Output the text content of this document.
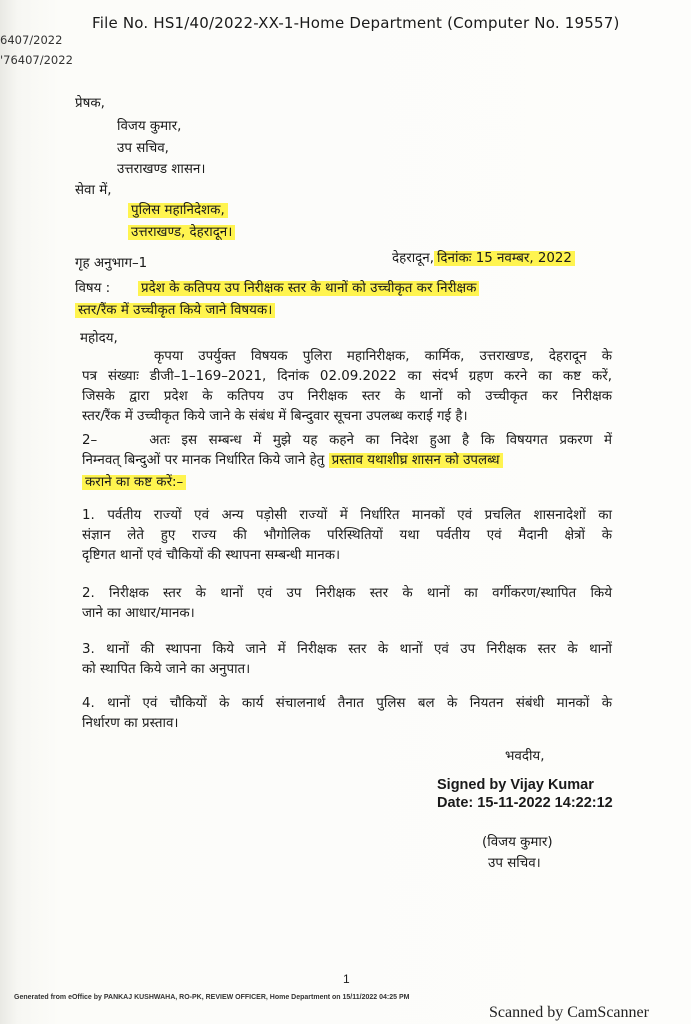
File No. HS1/40/2022-XX-1-Home Department (Computer No. 19557)
6407/2022
'76407/2022
प्रेषक,
विजय कुमार,
उप सचिव,
उत्तराखण्ड शासन।
सेवा में,
पुलिस महानिदेशक,
उत्तराखण्ड, देहरादून।
गृह अनुभाग–1	देहरादून, दिनांकः 15 नवम्बर, 2022
विषय : प्रदेश के कतिपय उप निरीक्षक स्तर के थानों को उच्चीकृत कर निरीक्षक
स्तर/रैंक में उच्चीकृत किये जाने विषयक।
महोदय,
कृपया उपर्युक्त विषयक पुलिरा महानिरीक्षक, कार्मिक, उत्तराखण्ड, देहरादून के
पत्र संख्याः डीजी–1–169–2021, दिनांक 02.09.2022 का संदर्भ ग्रहण करने का कष्ट करें,
जिसके द्वारा प्रदेश के कतिपय उप निरीक्षक स्तर के थानों को उच्चीकृत कर निरीक्षक
स्तर/रैंक में उच्चीकृत किये जाने के संबंध में बिन्दुवार सूचना उपलब्ध कराई गई है।
2–	अतः इस सम्बन्ध में मुझे यह कहने का निदेश हुआ है कि विषयगत प्रकरण में
निम्नवत् बिन्दुओं पर मानक निर्धारित किये जाने हेतु प्रस्ताव यथाशीघ्र शासन को उपलब्ध
कराने का कष्ट करें:–
1. पर्वतीय राज्यों एवं अन्य पड़ोसी राज्यों में निर्धारित मानकों एवं प्रचलित शासनादेशों का
संज्ञान लेते हुए राज्य की भौगोलिक परिस्थितियों यथा पर्वतीय एवं मैदानी क्षेत्रों के
दृष्टिगत थानों एवं चौकियों की स्थापना सम्बन्धी मानक।
2. निरीक्षक स्तर के थानों एवं उप निरीक्षक स्तर के थानों का वर्गीकरण/स्थापित किये
जाने का आधार/मानक।
3. थानों की स्थापना किये जाने में निरीक्षक स्तर के थानों एवं उप निरीक्षक स्तर के थानों
को स्थापित किये जाने का अनुपात।
4. थानों एवं चौकियों के कार्य संचालनार्थ तैनात पुलिस बल के नियतन संबंधी मानकों के
निर्धारण का प्रस्ताव।
भवदीय,
Signed by Vijay Kumar
Date: 15-11-2022 14:22:12
(विजय कुमार)
उप सचिव।
1
Generated from eOffice by PANKAJ KUSHWAHA, RO-PK, REVIEW OFFICER, Home Department on 15/11/2022 04:25 PM
Scanned by CamScanner
